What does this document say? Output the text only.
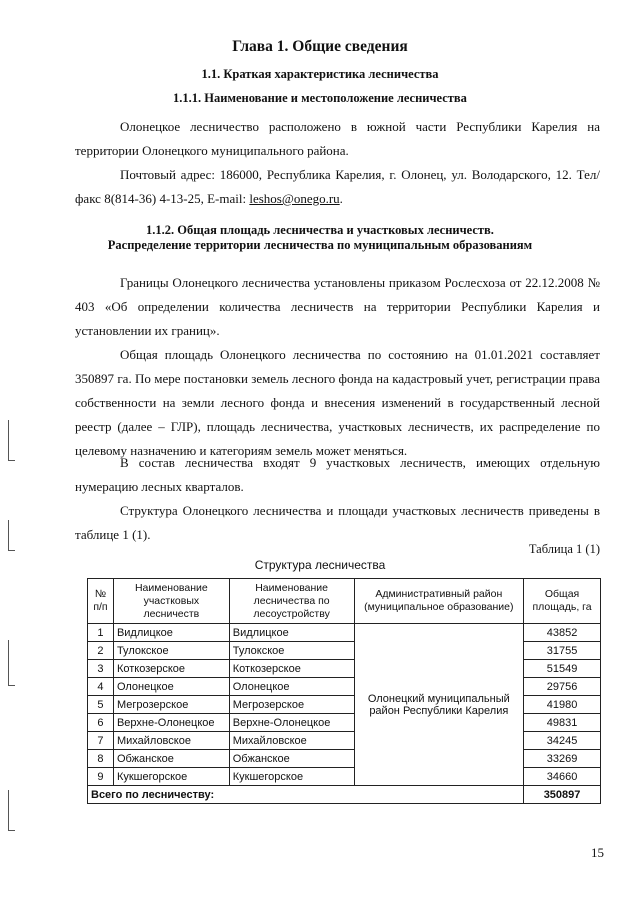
Глава 1. Общие сведения
1.1. Краткая характеристика лесничества
1.1.1. Наименование и местоположение лесничества

Олонецкое лесничество расположено в южной части Республики Карелия на территории Олонецкого муниципального района.

Почтовый адрес: 186000, Республика Карелия, г. Олонец, ул. Володарского, 12. Тел/факс 8(814-36) 4-13-25, E-mail: leshos@onego.ru.

1.1.2. Общая площадь лесничества и участковых лесничеств.
Распределение территории лесничества по муниципальным образованиям

Границы Олонецкого лесничества установлены приказом Рослесхоза от 22.12.2008 № 403 «Об определении количества лесничеств на территории Республики Карелия и установлении их границ».

Общая площадь Олонецкого лесничества по состоянию на 01.01.2021 составляет 350897 га. По мере постановки земель лесного фонда на кадастровый учет, регистрации права собственности на земли лесного фонда и внесения изменений в государственный лесной реестр (далее – ГЛР), площадь лесничества, участковых лесничеств, их распределение по целевому назначению и категориям земель может меняться.

В состав лесничества входят 9 участковых лесничеств, имеющих отдельную нумерацию лесных кварталов.

Структура Олонецкого лесничества и площади участковых лесничеств приведены в таблице 1 (1).

Таблица 1 (1)
Структура лесничества
№ п/п	Наименование участковых лесничеств	Наименование лесничества по лесоустройству	Административный район (муниципальное образование)	Общая площадь, га
1	Видлицкое	Видлицкое	Олонецкий муниципальный район Республики Карелия	43852
2	Тулокское	Тулокское		31755
3	Коткозерское	Коткозерское		51549
4	Олонецкое	Олонецкое		29756
5	Мегрозерское	Мегрозерское		41980
6	Верхне-Олонецкое	Верхне-Олонецкое		49831
7	Михайловское	Михайловское		34245
8	Обжанское	Обжанское		33269
9	Кукшегорское	Кукшегорское		34660
Всего по лесничеству:				350897
15
